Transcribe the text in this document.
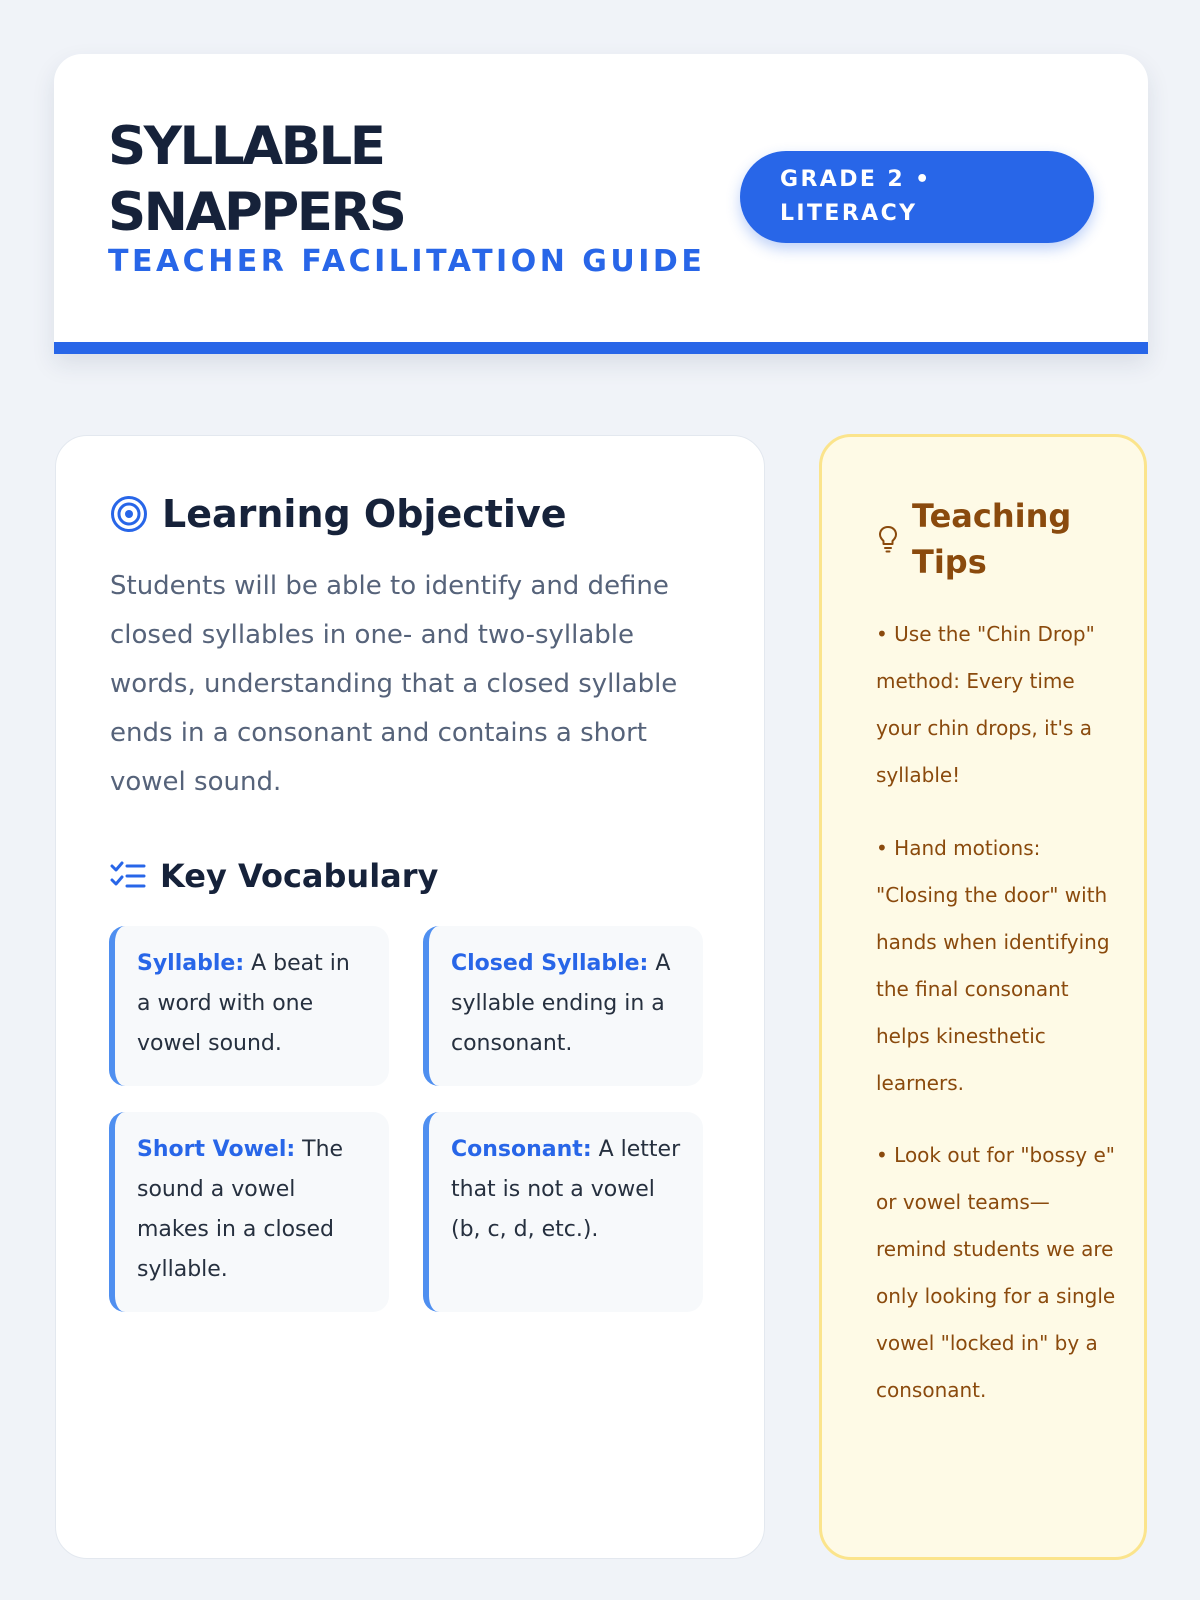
SYLLABLE SNAPPERS
TEACHER FACILITATION GUIDE
GRADE 2 • LITERACY
Learning Objective

Students will be able to identify and define closed syllables in one- and two-syllable words, understanding that a closed syllable ends in a consonant and contains a short vowel sound.

Key Vocabulary
Syllable: A beat in a word with one vowel sound.
Closed Syllable: A syllable ending in a consonant.
Short Vowel: The sound a vowel makes in a closed syllable.
Consonant: A letter that is not a vowel (b, c, d, etc.).
Teaching Tips

• Use the "Chin Drop" method: Every time your chin drops, it's a syllable!

• Hand motions: "Closing the door" with hands when identifying the final consonant helps kinesthetic learners.

• Look out for "bossy e" or vowel teams—remind students we are only looking for a single vowel "locked in" by a consonant.
